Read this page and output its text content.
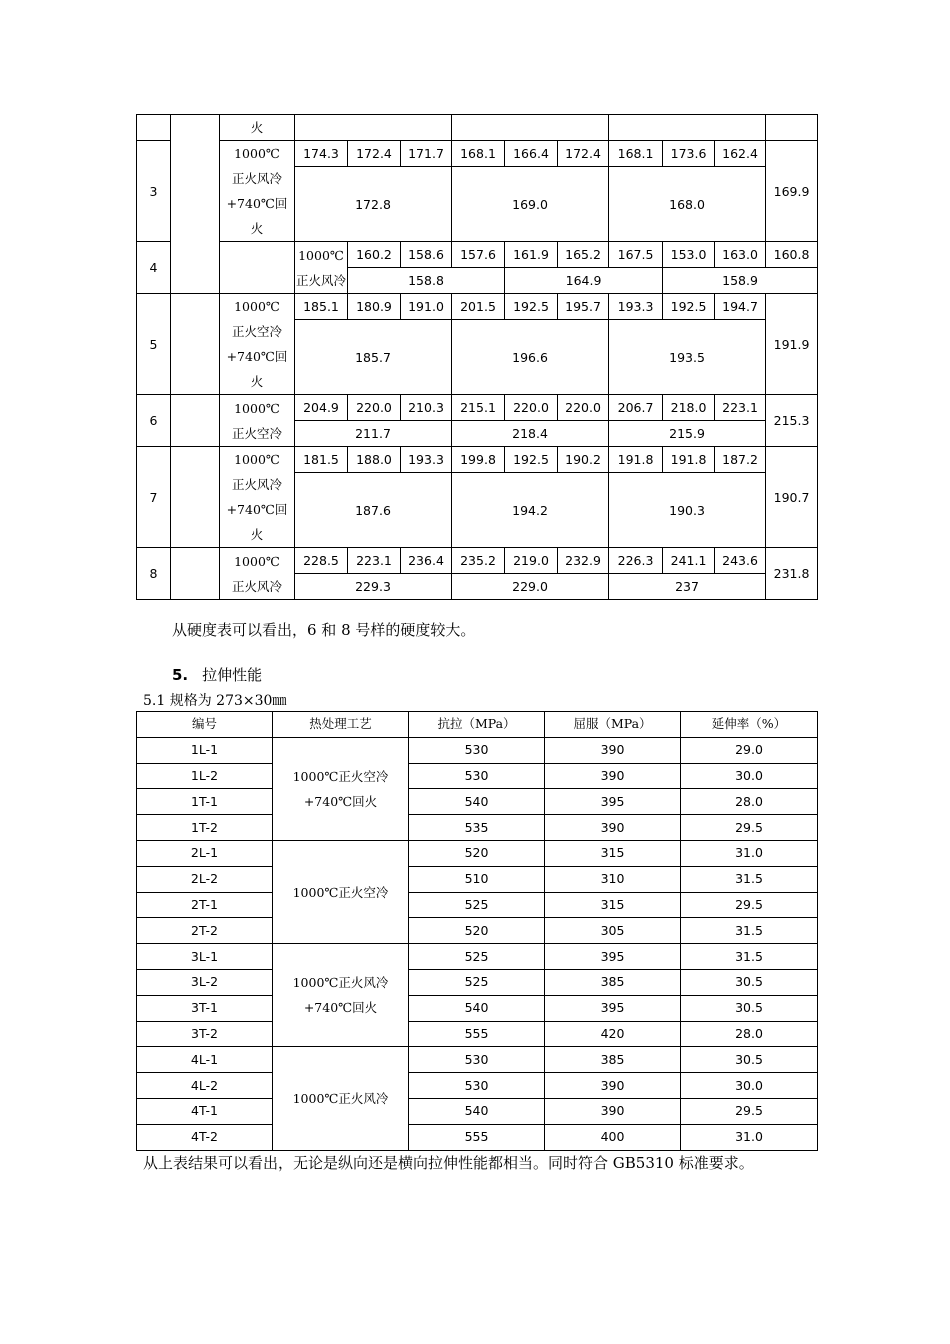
		火											
3		1000℃
正火风冷
+740℃回
火	174.3	172.4	171.7	168.1	166.4	172.4	168.1	173.6	162.4	169.9	
			172.8			169.0			168.0				

4			1000℃
正火风冷	160.2	158.6	157.6	161.9	165.2	167.5	153.0	163.0	160.8	
				158.8			164.9			158.9			
5		1000℃
正火空冷
+740℃回
火	185.1	180.9	191.0	201.5	192.5	195.7	193.3	192.5	194.7	191.9	
			185.7			196.6			193.5				

6		1000℃
正火空冷	204.9	220.0	210.3	215.1	220.0	220.0	206.7	218.0	223.1	215.3	
			211.7			218.4			215.9				
7		1000℃
正火风冷
+740℃回
火	181.5	188.0	193.3	199.8	192.5	190.2	191.8	191.8	187.2	190.7	
			187.6			194.2			190.3				

8		1000℃
正火风冷	228.5	223.1	236.4	235.2	219.0	232.9	226.3	241.1	243.6	231.8	
			229.3			229.0			237				
从硬度表可以看出，6 和 8 号样的硬度较大。
5. 拉伸性能
5.1 规格为 273×30㎜
编号	热处理工艺	抗拉（MPa）	屈服（MPa）	延伸率（%）
1L-1	1000℃正火空冷
+740℃回火	530	390	29.0
1L-2		530	390	30.0
1T-1		540	395	28.0
1T-2		535	390	29.5
2L-1	1000℃正火空冷	520	315	31.0
2L-2		510	310	31.5
2T-1		525	315	29.5
2T-2		520	305	31.5
3L-1	1000℃正火风冷
+740℃回火	525	395	31.5
3L-2		525	385	30.5
3T-1		540	395	30.5
3T-2		555	420	28.0
4L-1	1000℃正火风冷	530	385	30.5
4L-2		530	390	30.0
4T-1		540	390	29.5
4T-2		555	400	31.0
从上表结果可以看出，无论是纵向还是横向拉伸性能都相当。同时符合 GB5310 标准要求。
